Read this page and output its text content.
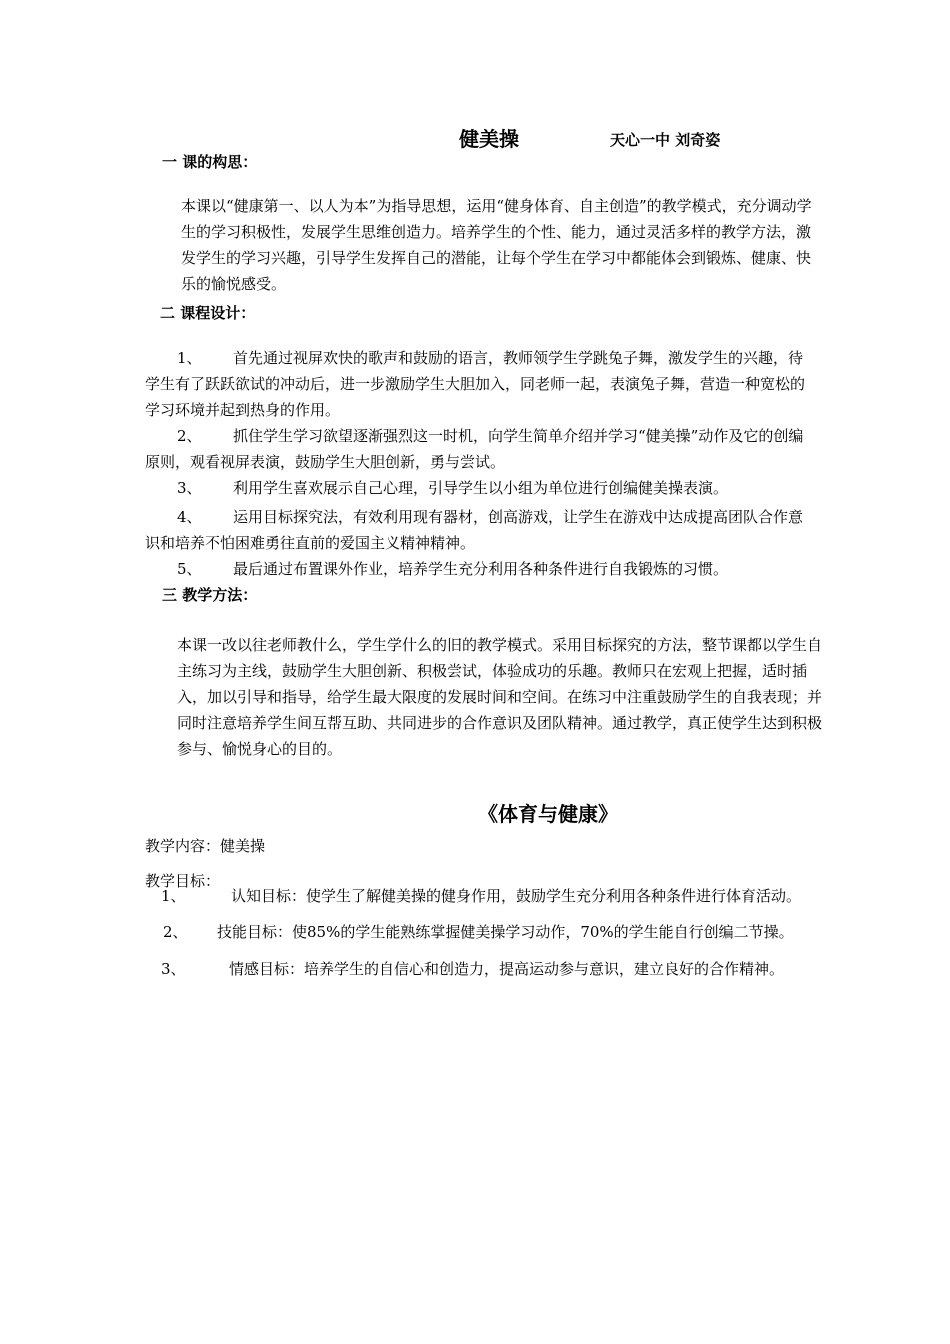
健美操	天心一中 刘奇姿
一 课的构思：
本课以“健康第一、以人为本”为指导思想，运用“健身体育、自主创造”的教学模式，充分调动学生的学习积极性，发展学生思维创造力。培养学生的个性、能力，通过灵活多样的教学方法，激发学生的学习兴趣，引导学生发挥自己的潜能，让每个学生在学习中都能体会到锻炼、健康、快乐的愉悦感受。
二 课程设计：
1、 首先通过视屏欢快的歌声和鼓励的语言，教师领学生学跳兔子舞，激发学生的兴趣，待学生有了跃跃欲试的冲动后，进一步激励学生大胆加入，同老师一起，表演兔子舞，营造一种宽松的学习环境并起到热身的作用。
2、 抓住学生学习欲望逐渐强烈这一时机，向学生简单介绍并学习“健美操”动作及它的创编原则，观看视屏表演，鼓励学生大胆创新，勇与尝试。
3、 利用学生喜欢展示自己心理，引导学生以小组为单位进行创编健美操表演。
4、 运用目标探究法，有效利用现有器材，创高游戏，让学生在游戏中达成提高团队合作意识和培养不怕困难勇往直前的爱国主义精神精神。
5、 最后通过布置课外作业，培养学生充分利用各种条件进行自我锻炼的习惯。
三 教学方法：
本课一改以往老师教什么，学生学什么的旧的教学模式。采用目标探究的方法，整节课都以学生自主练习为主线，鼓励学生大胆创新、积极尝试，体验成功的乐趣。教师只在宏观上把握，适时插入，加以引导和指导，给学生最大限度的发展时间和空间。在练习中注重鼓励学生的自我表现；并同时注意培养学生间互帮互助、共同进步的合作意识及团队精神。通过教学，真正使学生达到积极参与、愉悦身心的目的。
《体育与健康》
教学内容：健美操
教学目标：
1、	认知目标：使学生了解健美操的健身作用，鼓励学生充分利用各种条件进行体育活动。
2、 技能目标：使85%的学生能熟练掌握健美操学习动作，70%的学生能自行创编二节操。
3、	情感目标：培养学生的自信心和创造力，提高运动参与意识，建立良好的合作精神。
